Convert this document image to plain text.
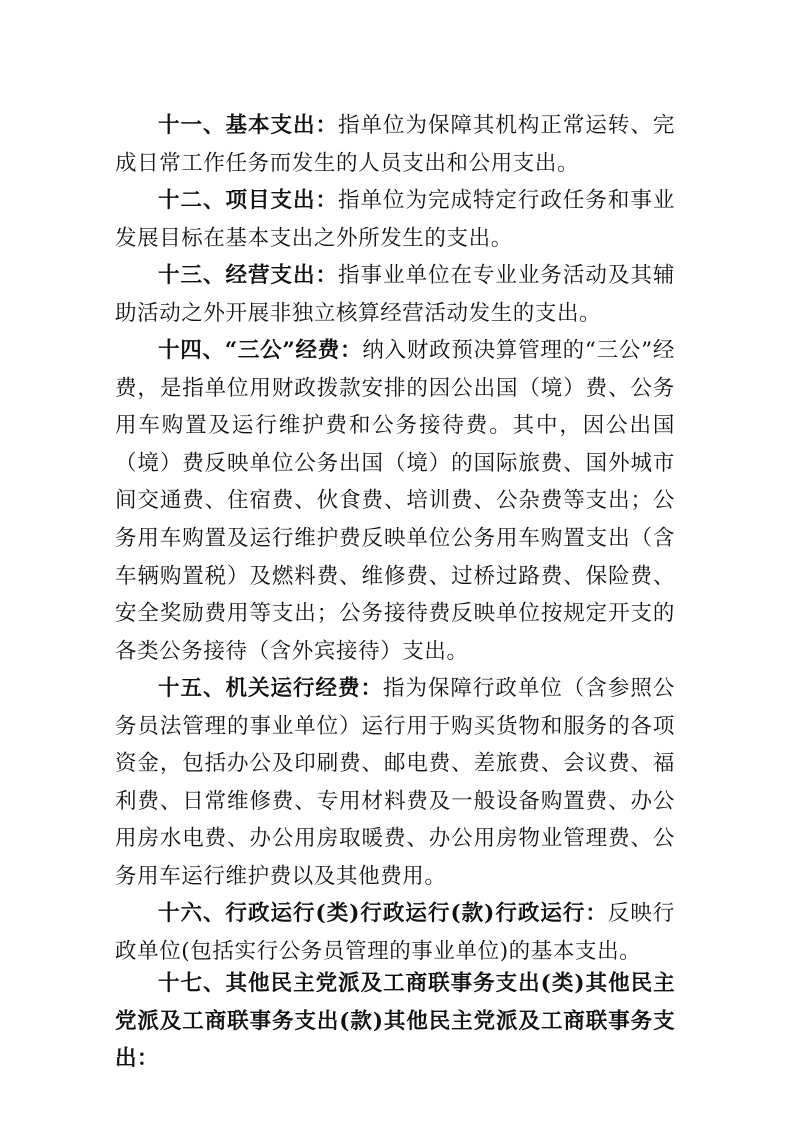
十一、基本支出：指单位为保障其机构正常运转、完成日常工作任务而发生的人员支出和公用支出。

十二、项目支出：指单位为完成特定行政任务和事业发展目标在基本支出之外所发生的支出。

十三、经营支出：指事业单位在专业业务活动及其辅助活动之外开展非独立核算经营活动发生的支出。

十四、“三公”经费：纳入财政预决算管理的“三公”经费，是指单位用财政拨款安排的因公出国（境）费、公务用车购置及运行维护费和公务接待费。其中，因公出国（境）费反映单位公务出国（境）的国际旅费、国外城市间交通费、住宿费、伙食费、培训费、公杂费等支出；公务用车购置及运行维护费反映单位公务用车购置支出（含车辆购置税）及燃料费、维修费、过桥过路费、保险费、安全奖励费用等支出；公务接待费反映单位按规定开支的各类公务接待（含外宾接待）支出。

十五、机关运行经费：指为保障行政单位（含参照公务员法管理的事业单位）运行用于购买货物和服务的各项资金，包括办公及印刷费、邮电费、差旅费、会议费、福利费、日常维修费、专用材料费及一般设备购置费、办公用房水电费、办公用房取暖费、办公用房物业管理费、公务用车运行维护费以及其他费用。

十六、行政运行(类)行政运行(款)行政运行：反映行政单位(包括实行公务员管理的事业单位)的基本支出。

十七、其他民主党派及工商联事务支出(类)其他民主党派及工商联事务支出(款)其他民主党派及工商联事务支出：
